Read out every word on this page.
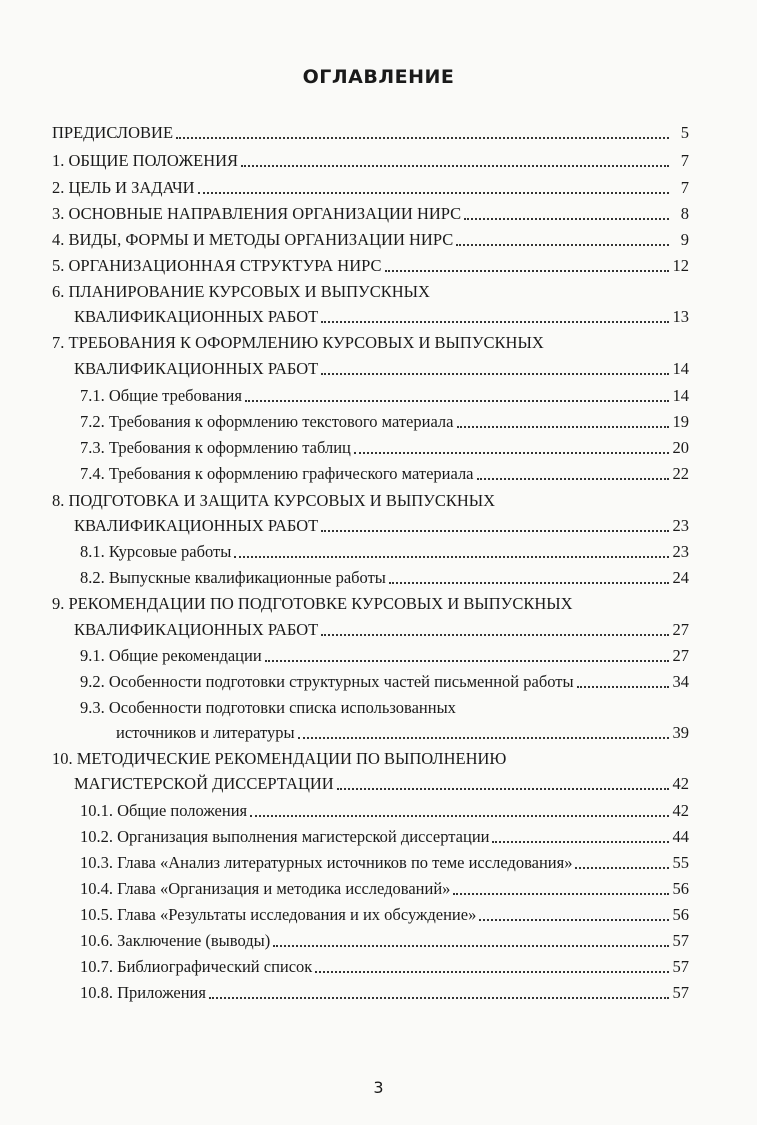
ОГЛАВЛЕНИЕ
ПРЕДИСЛОВИЕ	5
1. ОБЩИЕ ПОЛОЖЕНИЯ	7
2. ЦЕЛЬ И ЗАДАЧИ	7
3. ОСНОВНЫЕ НАПРАВЛЕНИЯ ОРГАНИЗАЦИИ НИРС	8
4. ВИДЫ, ФОРМЫ И МЕТОДЫ ОРГАНИЗАЦИИ НИРС	9
5. ОРГАНИЗАЦИОННАЯ СТРУКТУРА НИРС	12
6. ПЛАНИРОВАНИЕ КУРСОВЫХ И ВЫПУСКНЫХ
КВАЛИФИКАЦИОННЫХ РАБОТ	13
7. ТРЕБОВАНИЯ К ОФОРМЛЕНИЮ КУРСОВЫХ И ВЫПУСКНЫХ
КВАЛИФИКАЦИОННЫХ РАБОТ	14
7.1. Общие требования	14
7.2. Требования к оформлению текстового материала	19
7.3. Требования к оформлению таблиц	20
7.4. Требования к оформлению графического материала	22
8. ПОДГОТОВКА И ЗАЩИТА КУРСОВЫХ И ВЫПУСКНЫХ
КВАЛИФИКАЦИОННЫХ РАБОТ	23
8.1. Курсовые работы	23
8.2. Выпускные квалификационные работы	24
9. РЕКОМЕНДАЦИИ ПО ПОДГОТОВКЕ КУРСОВЫХ И ВЫПУСКНЫХ
КВАЛИФИКАЦИОННЫХ РАБОТ	27
9.1. Общие рекомендации	27
9.2. Особенности подготовки структурных частей письменной работы	34
9.3. Особенности подготовки списка использованных
источников и литературы	39
10. МЕТОДИЧЕСКИЕ РЕКОМЕНДАЦИИ ПО ВЫПОЛНЕНИЮ
МАГИСТЕРСКОЙ ДИССЕРТАЦИИ	42
10.1. Общие положения	42
10.2. Организация выполнения магистерской диссертации	44
10.3. Глава «Анализ литературных источников по теме исследования»	55
10.4. Глава «Организация и методика исследований»	56
10.5. Глава «Результаты исследования и их обсуждение»	56
10.6. Заключение (выводы)	57
10.7. Библиографический список	57
10.8. Приложения	57
3
